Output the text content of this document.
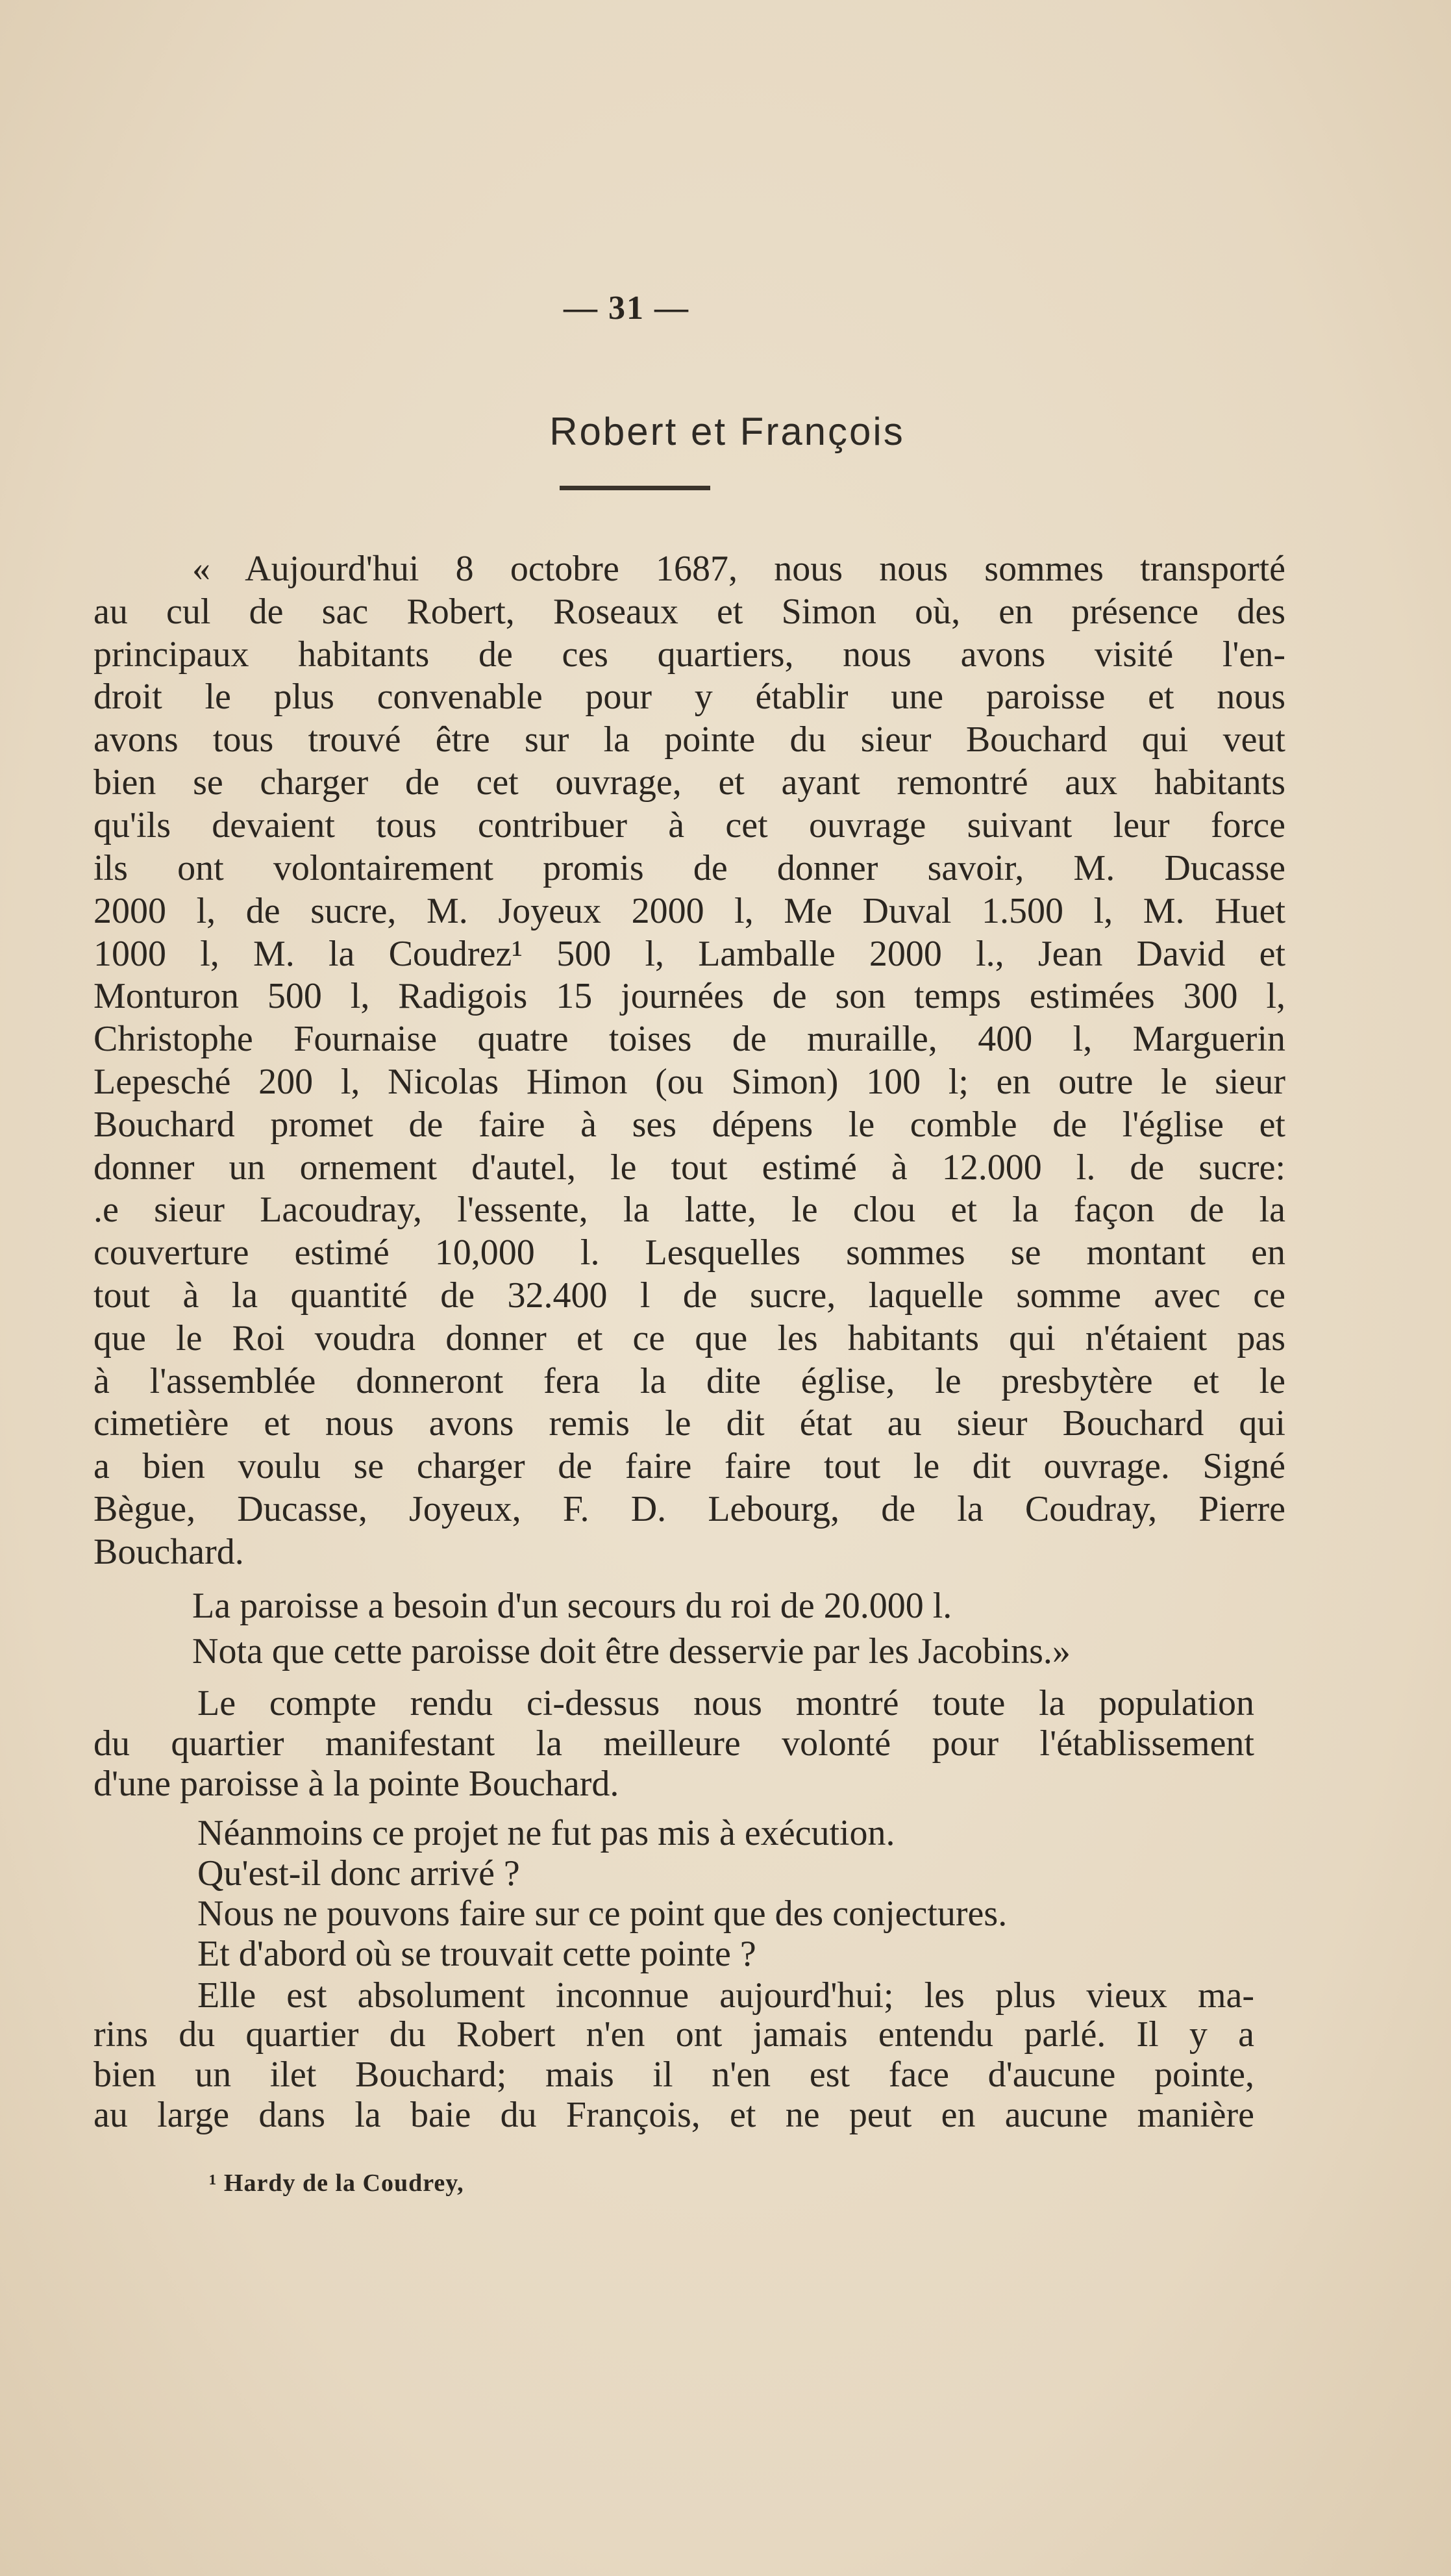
— 31 —
Robert et François
« Aujourd'hui 8 octobre 1687, nous nous sommes transporté
au cul de sac Robert, Roseaux et Simon où, en présence des
principaux habitants de ces quartiers, nous avons visité l'en-
droit le plus convenable pour y établir une paroisse et nous
avons tous trouvé être sur la pointe du sieur Bouchard qui veut
bien se charger de cet ouvrage, et ayant remontré aux habitants
qu'ils devaient tous contribuer à cet ouvrage suivant leur force
ils ont volontairement promis de donner savoir, M. Ducasse
2000 l, de sucre, M. Joyeux 2000 l, Me Duval 1.500 l, M. Huet
1000 l, M. la Coudrez¹ 500 l, Lamballe 2000 l., Jean David et
Monturon 500 l, Radigois 15 journées de son temps estimées 300 l,
Christophe Fournaise quatre toises de muraille, 400 l, Marguerin
Lepesché 200 l, Nicolas Himon (ou Simon) 100 l; en outre le sieur
Bouchard promet de faire à ses dépens le comble de l'église et
donner un ornement d'autel, le tout estimé à 12.000 l. de sucre:
.e sieur Lacoudray, l'essente, la latte, le clou et la façon de la
couverture estimé 10,000 l. Lesquelles sommes se montant en
tout à la quantité de 32.400 l de sucre, laquelle somme avec ce
que le Roi voudra donner et ce que les habitants qui n'étaient pas
à l'assemblée donneront fera la dite église, le presbytère et le
cimetière et nous avons remis le dit état au sieur Bouchard qui
a bien voulu se charger de faire faire tout le dit ouvrage. Signé
Bègue, Ducasse, Joyeux, F. D. Lebourg, de la Coudray, Pierre
Bouchard.
La paroisse a besoin d'un secours du roi de 20.000 l.
Nota que cette paroisse doit être desservie par les Jacobins.»
Le compte rendu ci-dessus nous montré toute la population
du quartier manifestant la meilleure volonté pour l'établissement
d'une paroisse à la pointe Bouchard.
Néanmoins ce projet ne fut pas mis à exécution.
Qu'est-il donc arrivé ?
Nous ne pouvons faire sur ce point que des conjectures.
Et d'abord où se trouvait cette pointe ?
Elle est absolument inconnue aujourd'hui; les plus vieux ma-
rins du quartier du Robert n'en ont jamais entendu parlé. Il y a
bien un ilet Bouchard; mais il n'en est face d'aucune pointe,
au large dans la baie du François, et ne peut en aucune manière
¹ Hardy de la Coudrey,
